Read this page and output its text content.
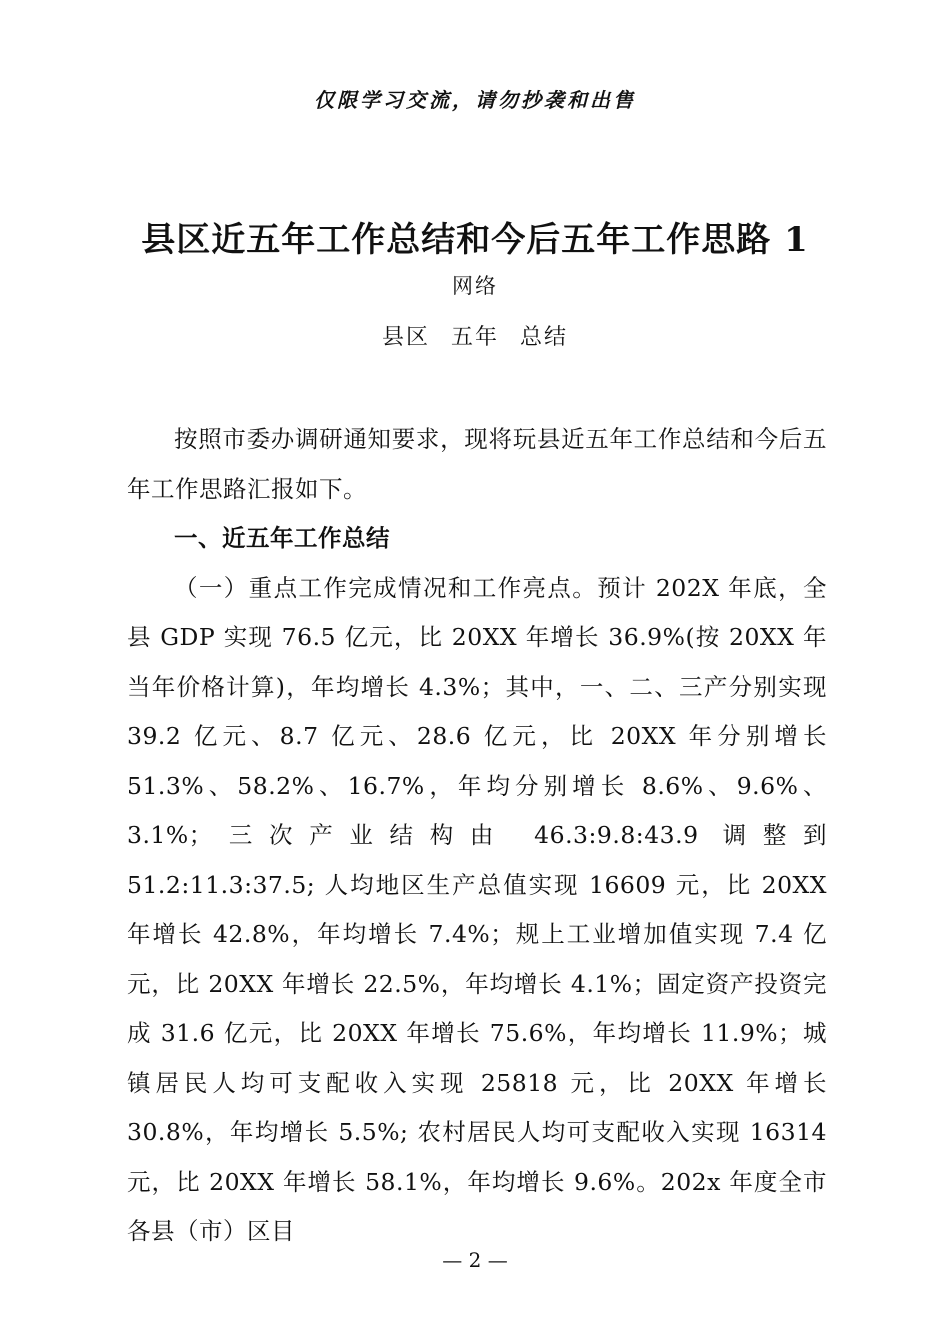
仅限学习交流，请勿抄袭和出售
县区近五年工作总结和今后五年工作思路 1
网络
县区 五年 总结

按照市委办调研通知要求，现将玩县近五年工作总结和今后五年工作思路汇报如下。

一、近五年工作总结

（一）重点工作完成情况和工作亮点。预计 202X 年底，全县 GDP 实现 76.5 亿元，比 20XX 年增长 36.9%(按 20XX 年当年价格计算)，年均增长 4.3%；其中，一、二、三产分别实现 39.2 亿元、8.7 亿元、28.6 亿元，比 20XX 年分别增长 51.3%、58.2%、16.7%，年均分别增长 8.6%、9.6%、3.1%；三次产业结构由 46.3:9.8:43.9 调整到 51.2:11.3:37.5; 人均地区生产总值实现 16609 元，比 20XX 年增长 42.8%，年均增长 7.4%；规上工业增加值实现 7.4 亿元，比 20XX 年增长 22.5%，年均增长 4.1%；固定资产投资完成 31.6 亿元，比 20XX 年增长 75.6%，年均增长 11.9%；城镇居民人均可支配收入实现 25818 元，比 20XX 年增长 30.8%，年均增长 5.5%; 农村居民人均可支配收入实现 16314 元，比 20XX 年增长 58.1%，年均增长 9.6%。202x 年度全市各县（市）区目

— 2 —
